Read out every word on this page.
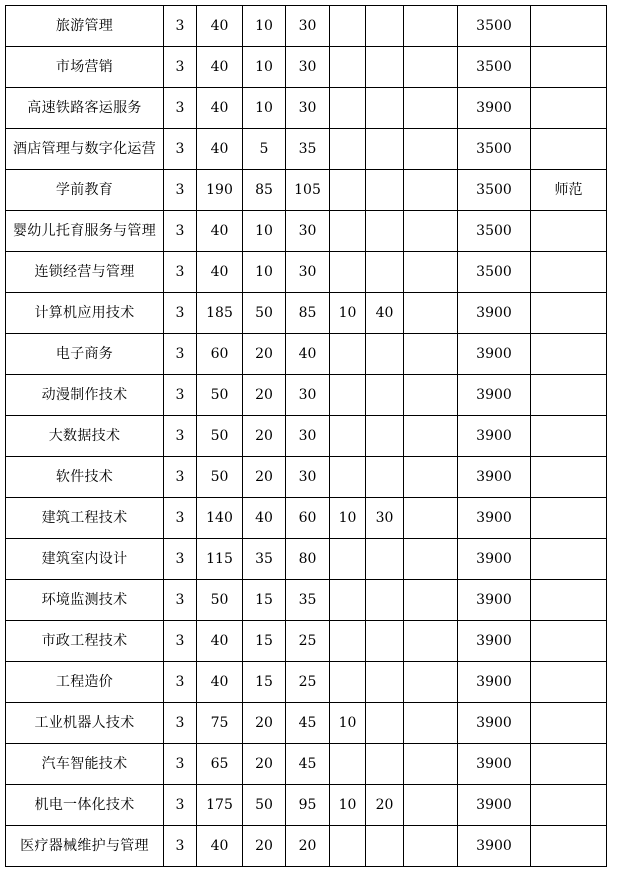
旅游管理	3	40	10	30				3500	
市场营销	3	40	10	30				3500	
高速铁路客运服务	3	40	10	30				3900	
酒店管理与数字化运营	3	40	5	35				3500	
学前教育	3	190	85	105				3500	师范
婴幼儿托育服务与管理	3	40	10	30				3500	
连锁经营与管理	3	40	10	30				3500	
计算机应用技术	3	185	50	85	10	40		3900	
电子商务	3	60	20	40				3900	
动漫制作技术	3	50	20	30				3900	
大数据技术	3	50	20	30				3900	
软件技术	3	50	20	30				3900	
建筑工程技术	3	140	40	60	10	30		3900	
建筑室内设计	3	115	35	80				3900	
环境监测技术	3	50	15	35				3900	
市政工程技术	3	40	15	25				3900	
工程造价	3	40	15	25				3900	
工业机器人技术	3	75	20	45	10			3900	
汽车智能技术	3	65	20	45				3900	
机电一体化技术	3	175	50	95	10	20		3900	
医疗器械维护与管理	3	40	20	20				3900	
